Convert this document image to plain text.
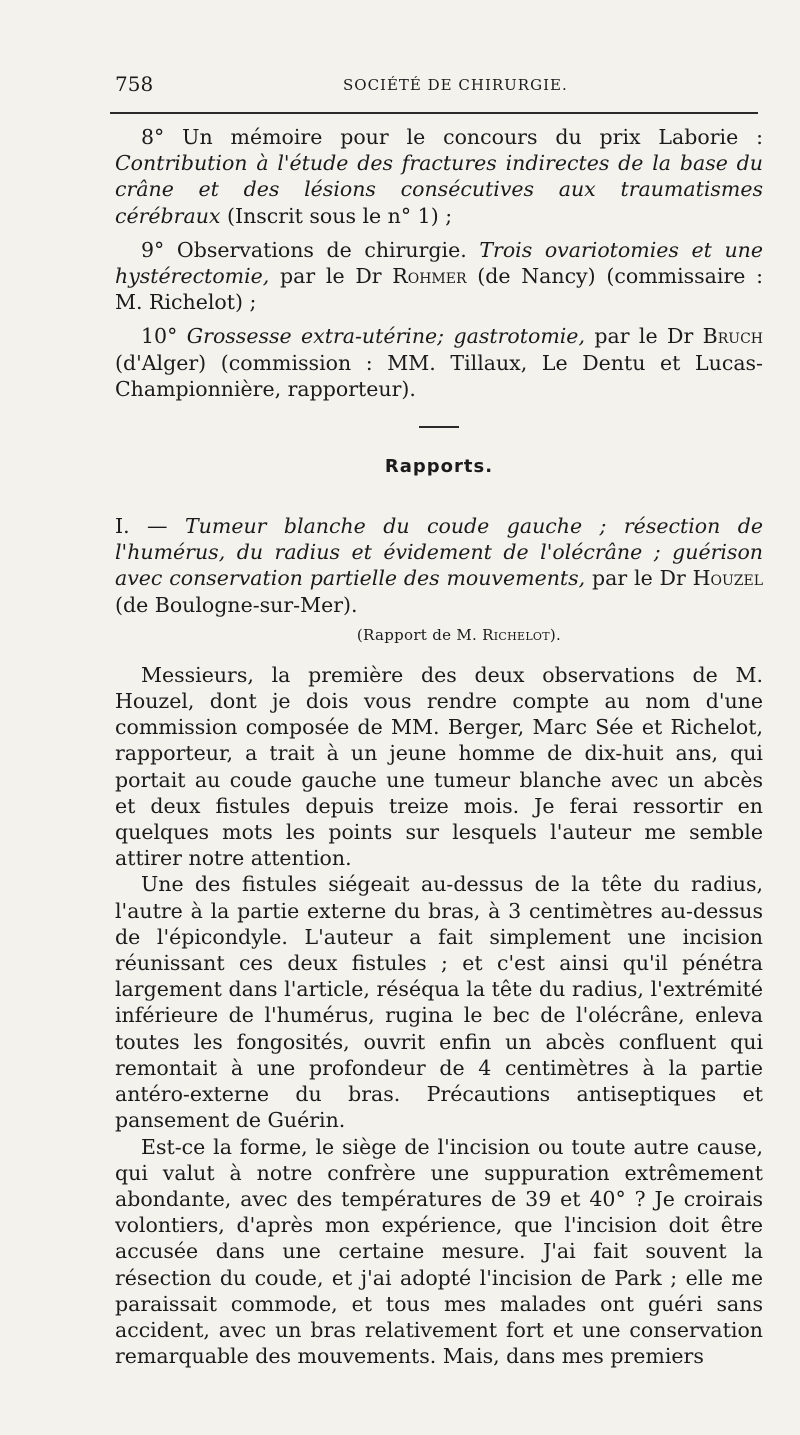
758	SOCIÉTÉ DE CHIRURGIE.

8° Un mémoire pour le concours du prix Laborie : Contribution à l'étude des fractures indirectes de la base du crâne et des lésions consécutives aux traumatismes cérébraux (Inscrit sous le n° 1) ;

9° Observations de chirurgie. Trois ovariotomies et une hystérectomie, par le Dr Rohmer (de Nancy) (commissaire : M. Richelot) ;

10° Grossesse extra-utérine; gastrotomie, par le Dr Bruch (d'Alger) (commission : MM. Tillaux, Le Dentu et Lucas-Championnière, rapporteur).

Rapports.

I. — Tumeur blanche du coude gauche ; résection de l'humérus, du radius et évidement de l'olécrâne ; guérison avec conservation partielle des mouvements, par le Dr Houzel (de Boulogne-sur-Mer).

(Rapport de M. Richelot).

Messieurs, la première des deux observations de M. Houzel, dont je dois vous rendre compte au nom d'une commission composée de MM. Berger, Marc Sée et Richelot, rapporteur, a trait à un jeune homme de dix-huit ans, qui portait au coude gauche une tumeur blanche avec un abcès et deux fistules depuis treize mois. Je ferai ressortir en quelques mots les points sur lesquels l'auteur me semble attirer notre attention.

Une des fistules siégeait au-dessus de la tête du radius, l'autre à la partie externe du bras, à 3 centimètres au-dessus de l'épicondyle. L'auteur a fait simplement une incision réunissant ces deux fistules ; et c'est ainsi qu'il pénétra largement dans l'article, réséqua la tête du radius, l'extrémité inférieure de l'humérus, rugina le bec de l'olécrâne, enleva toutes les fongosités, ouvrit enfin un abcès confluent qui remontait à une profondeur de 4 centimètres à la partie antéro-externe du bras. Précautions antiseptiques et pansement de Guérin.

Est-ce la forme, le siège de l'incision ou toute autre cause, qui valut à notre confrère une suppuration extrêmement abondante, avec des températures de 39 et 40° ? Je croirais volontiers, d'après mon expérience, que l'incision doit être accusée dans une certaine mesure. J'ai fait souvent la résection du coude, et j'ai adopté l'incision de Park ; elle me paraissait commode, et tous mes malades ont guéri sans accident, avec un bras relativement fort et une conservation remarquable des mouvements. Mais, dans mes premiers
